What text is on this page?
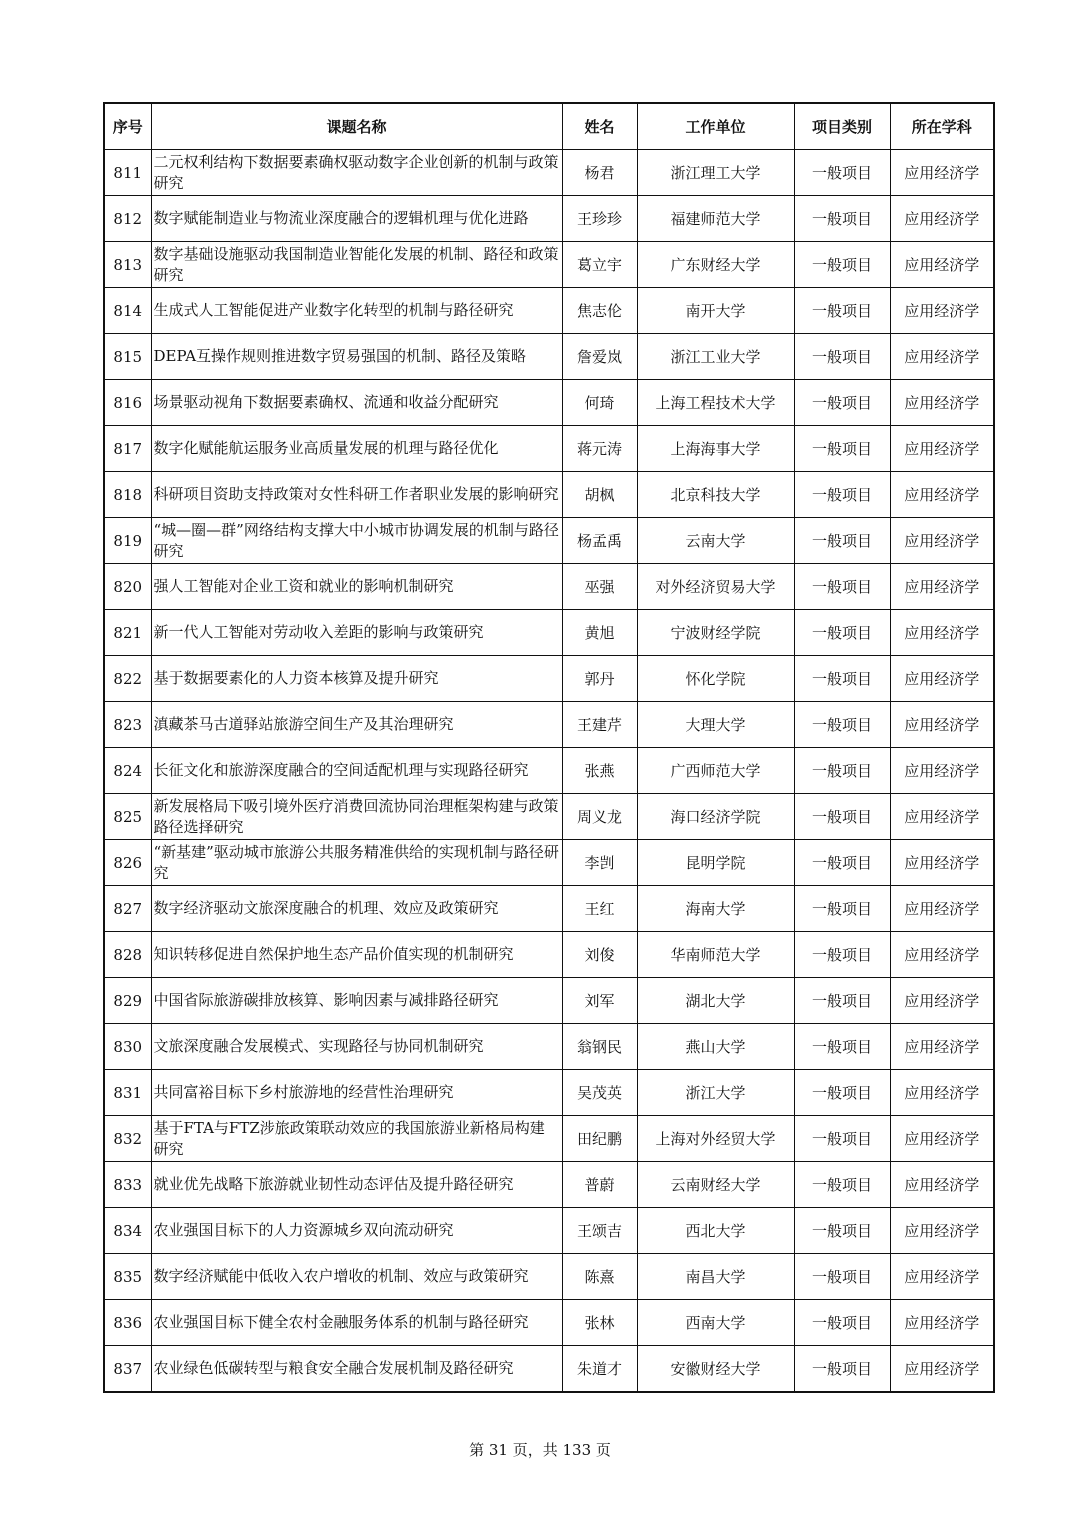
序号	课题名称	姓名	工作单位	项目类别	所在学科
811	二元权利结构下数据要素确权驱动数字企业创新的机制与政策研究	杨君	浙江理工大学	一般项目	应用经济学
812	数字赋能制造业与物流业深度融合的逻辑机理与优化进路	王珍珍	福建师范大学	一般项目	应用经济学
813	数字基础设施驱动我国制造业智能化发展的机制、路径和政策研究	葛立宇	广东财经大学	一般项目	应用经济学
814	生成式人工智能促进产业数字化转型的机制与路径研究	焦志伦	南开大学	一般项目	应用经济学
815	DEPA互操作规则推进数字贸易强国的机制、路径及策略	詹爱岚	浙江工业大学	一般项目	应用经济学
816	场景驱动视角下数据要素确权、流通和收益分配研究	何琦	上海工程技术大学	一般项目	应用经济学
817	数字化赋能航运服务业高质量发展的机理与路径优化	蒋元涛	上海海事大学	一般项目	应用经济学
818	科研项目资助支持政策对女性科研工作者职业发展的影响研究	胡枫	北京科技大学	一般项目	应用经济学
819	“城—圈—群”网络结构支撑大中小城市协调发展的机制与路径研究	杨孟禹	云南大学	一般项目	应用经济学
820	强人工智能对企业工资和就业的影响机制研究	巫强	对外经济贸易大学	一般项目	应用经济学
821	新一代人工智能对劳动收入差距的影响与政策研究	黄旭	宁波财经学院	一般项目	应用经济学
822	基于数据要素化的人力资本核算及提升研究	郭丹	怀化学院	一般项目	应用经济学
823	滇藏茶马古道驿站旅游空间生产及其治理研究	王建芹	大理大学	一般项目	应用经济学
824	长征文化和旅游深度融合的空间适配机理与实现路径研究	张燕	广西师范大学	一般项目	应用经济学
825	新发展格局下吸引境外医疗消费回流协同治理框架构建与政策路径选择研究	周义龙	海口经济学院	一般项目	应用经济学
826	“新基建”驱动城市旅游公共服务精准供给的实现机制与路径研究	李剀	昆明学院	一般项目	应用经济学
827	数字经济驱动文旅深度融合的机理、效应及政策研究	王红	海南大学	一般项目	应用经济学
828	知识转移促进自然保护地生态产品价值实现的机制研究	刘俊	华南师范大学	一般项目	应用经济学
829	中国省际旅游碳排放核算、影响因素与减排路径研究	刘军	湖北大学	一般项目	应用经济学
830	文旅深度融合发展模式、实现路径与协同机制研究	翁钢民	燕山大学	一般项目	应用经济学
831	共同富裕目标下乡村旅游地的经营性治理研究	吴茂英	浙江大学	一般项目	应用经济学
832	基于FTA与FTZ涉旅政策联动效应的我国旅游业新格局构建研究	田纪鹏	上海对外经贸大学	一般项目	应用经济学
833	就业优先战略下旅游就业韧性动态评估及提升路径研究	普蔚	云南财经大学	一般项目	应用经济学
834	农业强国目标下的人力资源城乡双向流动研究	王颂吉	西北大学	一般项目	应用经济学
835	数字经济赋能中低收入农户增收的机制、效应与政策研究	陈熹	南昌大学	一般项目	应用经济学
836	农业强国目标下健全农村金融服务体系的机制与路径研究	张林	西南大学	一般项目	应用经济学
837	农业绿色低碳转型与粮食安全融合发展机制及路径研究	朱道才	安徽财经大学	一般项目	应用经济学
第 31 页，共 133 页
